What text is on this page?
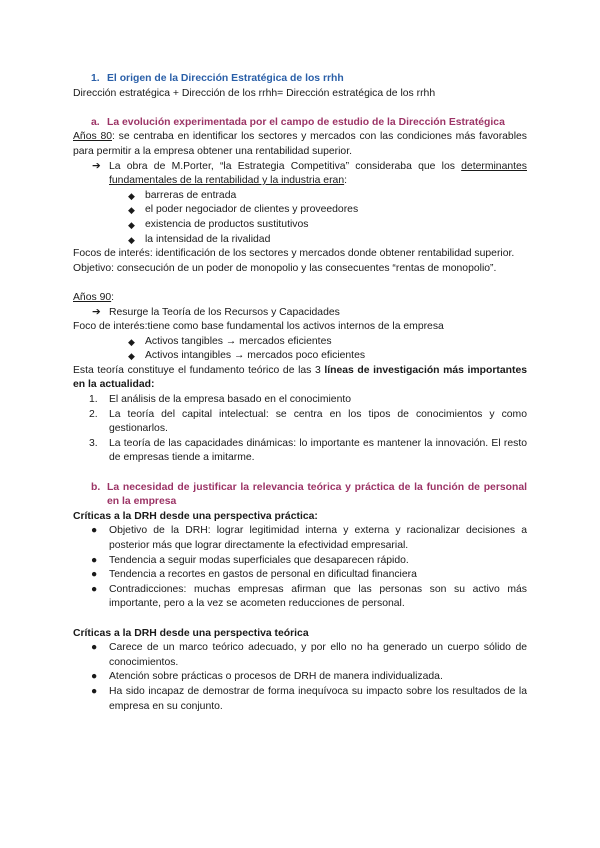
1. El origen de la Dirección Estratégica de los rrhh

Dirección estratégica + Dirección de los rrhh= Dirección estratégica de los rrhh

a. La evolución experimentada por el campo de estudio de la Dirección Estratégica

Años 80: se centraba en identificar los sectores y mercados con las condiciones más favorables para permitir a la empresa obtener una rentabilidad superior.

➔ La obra de M.Porter, “la Estrategia Competitiva” consideraba que los determinantes fundamentales de la rentabilidad y la industria eran:
◆ barreras de entrada
◆ el poder negociador de clientes y proveedores
◆ existencia de productos sustitutivos
◆ la intensidad de la rivalidad

Focos de interés: identificación de los sectores y mercados donde obtener rentabilidad superior.

Objetivo: consecución de un poder de monopolio y las consecuentes “rentas de monopolio”.

Años 90:

➔ Resurge la Teoría de los Recursos y Capacidades

Foco de interés:tiene como base fundamental los activos internos de la empresa

◆ Activos tangibles → mercados eficientes
◆ Activos intangibles → mercados poco eficientes

Esta teoría constituye el fundamento teórico de las 3 líneas de investigación más importantes en la actualidad:

1. El análisis de la empresa basado en el conocimiento
2. La teoría del capital intelectual: se centra en los tipos de conocimientos y como gestionarlos.
3. La teoría de las capacidades dinámicas: lo importante es mantener la innovación. El resto de empresas tiende a imitarme.

b. La necesidad de justificar la relevancia teórica y práctica de la función de personal en la empresa

Críticas a la DRH desde una perspectiva práctica:

● Objetivo de la DRH: lograr legitimidad interna y externa y racionalizar decisiones a posterior más que lograr directamente la efectividad empresarial.
● Tendencia a seguir modas superficiales que desaparecen rápido.
● Tendencia a recortes en gastos de personal en dificultad financiera
● Contradicciones: muchas empresas afirman que las personas son su activo más importante, pero a la vez se acometen reducciones de personal.

Críticas a la DRH desde una perspectiva teórica

● Carece de un marco teórico adecuado, y por ello no ha generado un cuerpo sólido de conocimientos.
● Atención sobre prácticas o procesos de DRH de manera individualizada.
● Ha sido incapaz de demostrar de forma inequívoca su impacto sobre los resultados de la empresa en su conjunto.
